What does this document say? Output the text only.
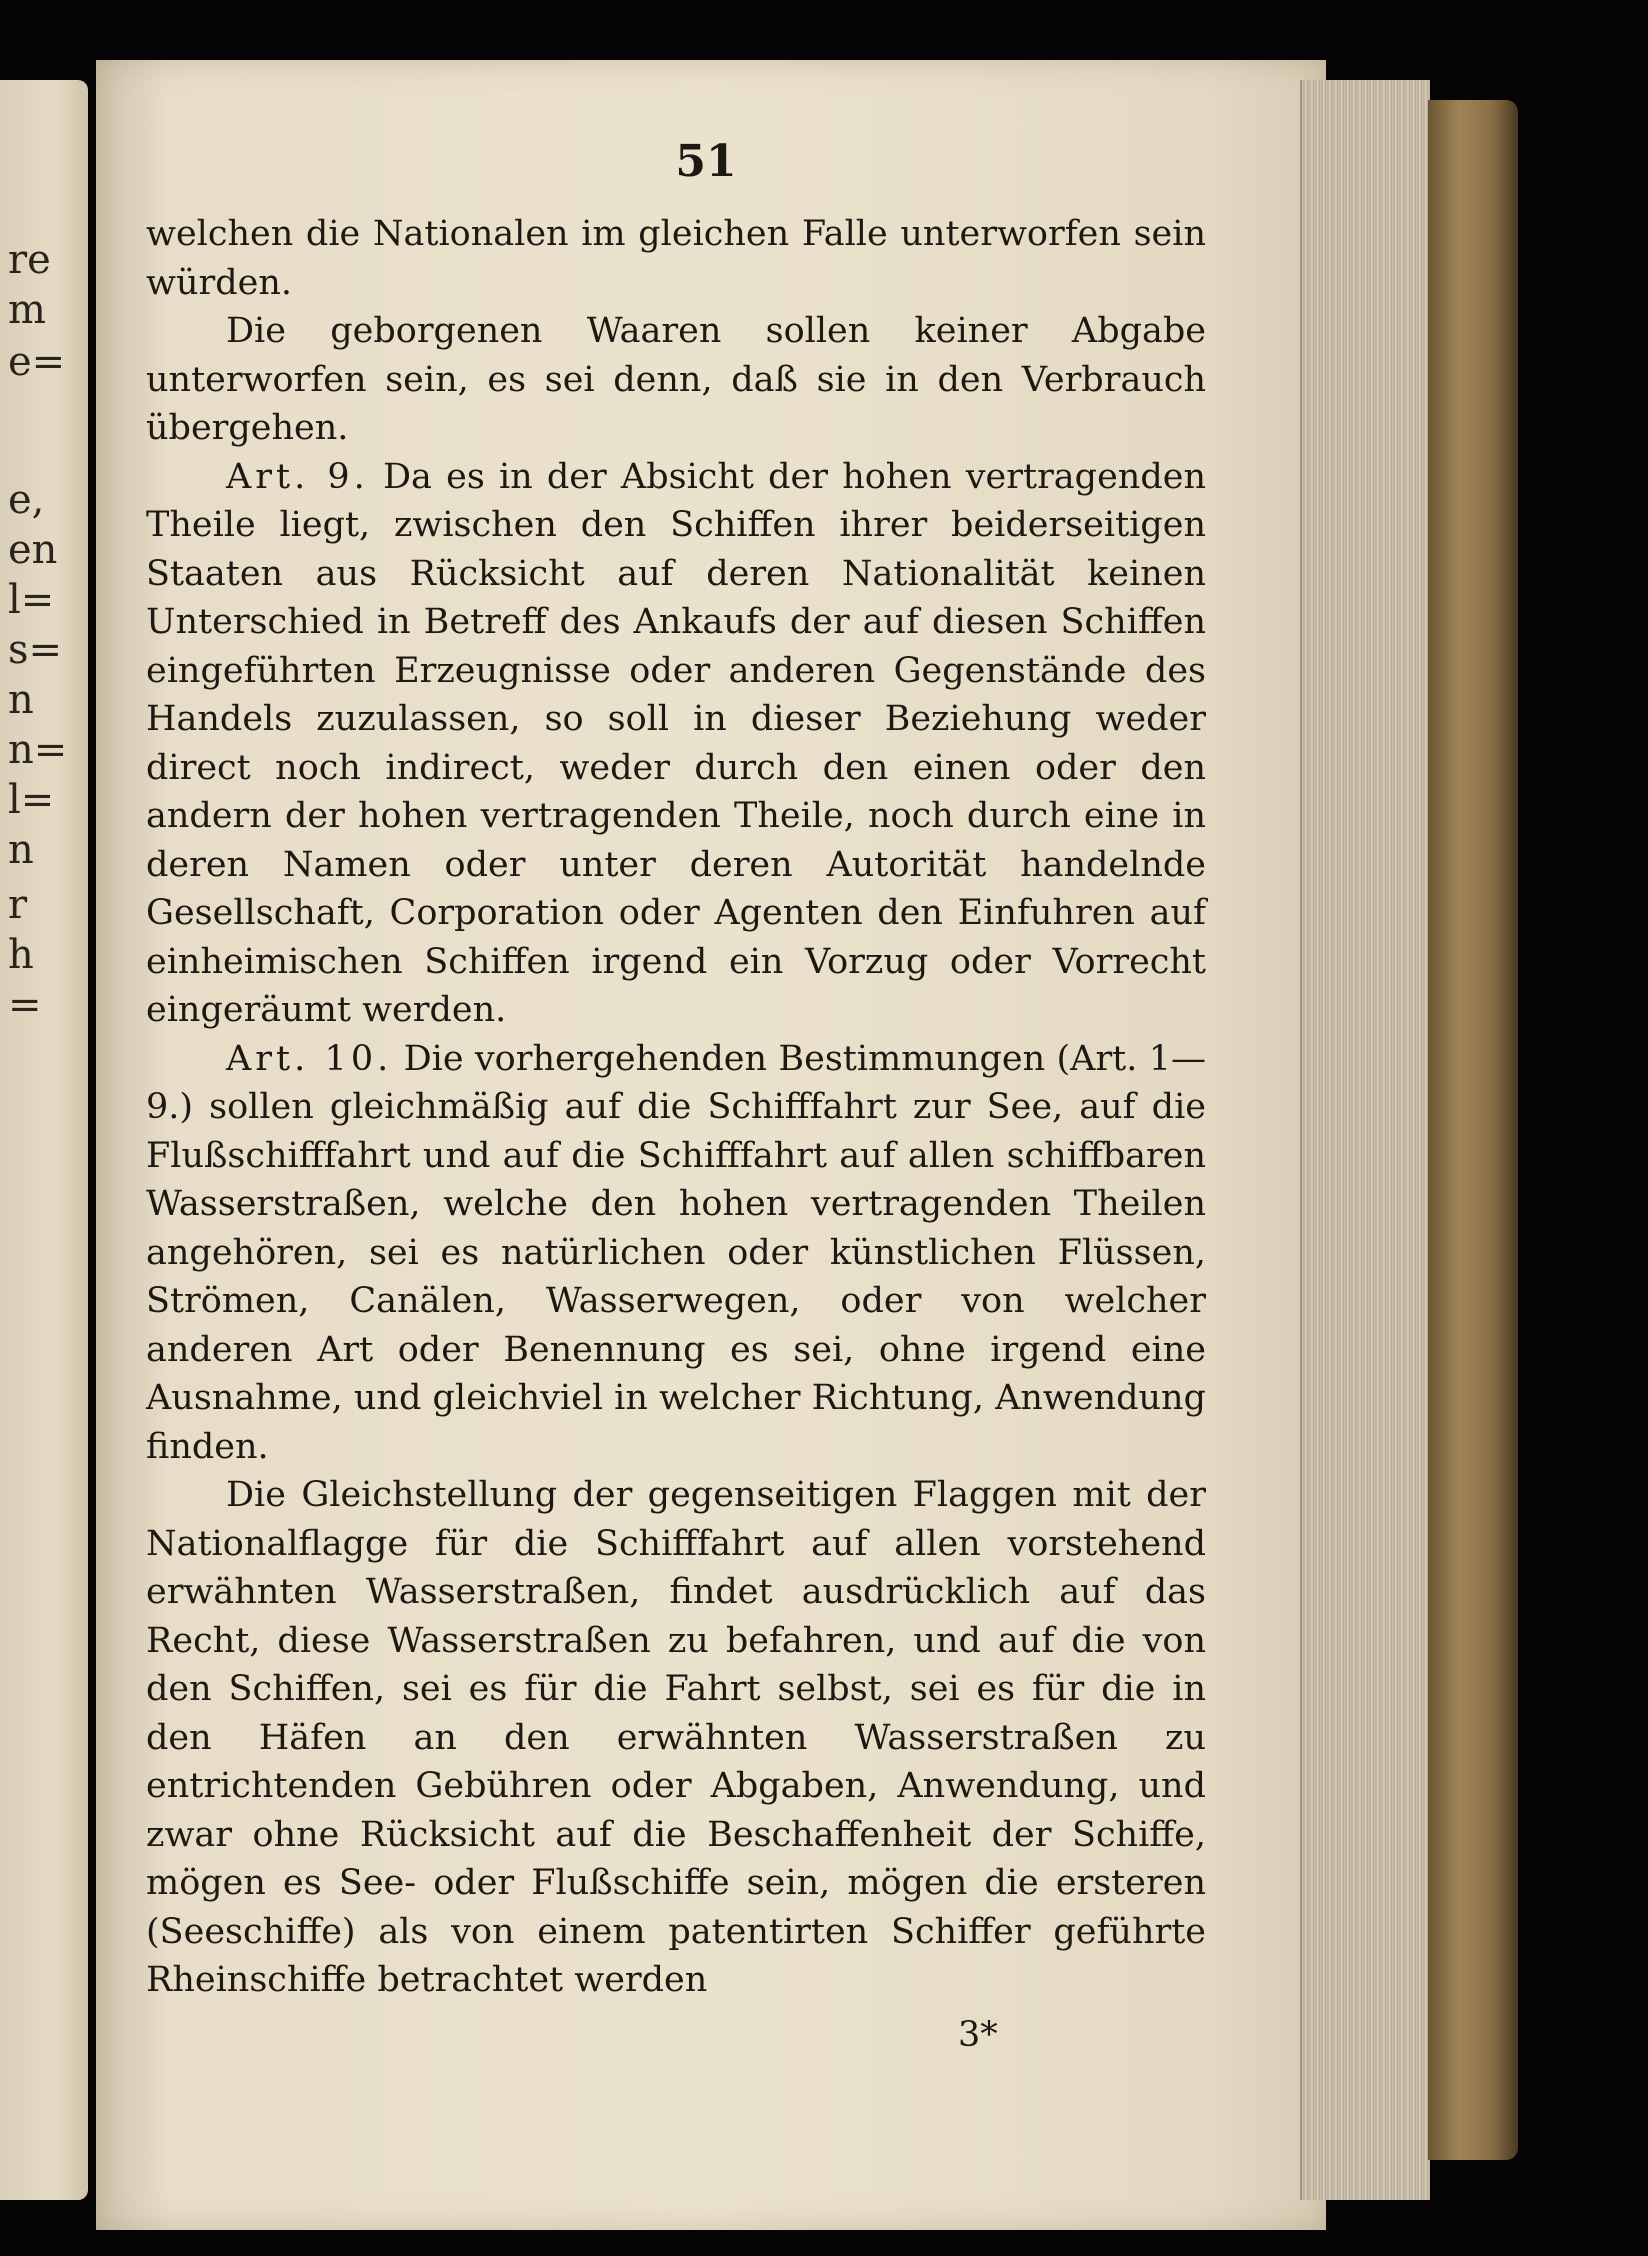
re
m
e=
e,
en
l=
s=
n
n=
l=
n
r
h
=
51

welchen die Nationalen im gleichen Falle unterworfen sein würden.

Die geborgenen Waaren sollen keiner Abgabe unterworfen sein, es sei denn, daß sie in den Verbrauch übergehen.

Art. 9. Da es in der Absicht der hohen vertragenden Theile liegt, zwischen den Schiffen ihrer beiderseitigen Staaten aus Rücksicht auf deren Nationalität keinen Unterschied in Betreff des Ankaufs der auf diesen Schiffen eingeführten Erzeugnisse oder anderen Gegenstände des Handels zuzulassen, so soll in dieser Beziehung weder direct noch indirect, weder durch den einen oder den andern der hohen vertragenden Theile, noch durch eine in deren Namen oder unter deren Autorität handelnde Gesellschaft, Corporation oder Agenten den Einfuhren auf einheimischen Schiffen irgend ein Vorzug oder Vorrecht eingeräumt werden.

Art. 10. Die vorhergehenden Bestimmungen (Art. 1—9.) sollen gleichmäßig auf die Schifffahrt zur See, auf die Flußschifffahrt und auf die Schifffahrt auf allen schiffbaren Wasserstraßen, welche den hohen vertragenden Theilen angehören, sei es natürlichen oder künstlichen Flüssen, Strömen, Canälen, Wasserwegen, oder von welcher anderen Art oder Benennung es sei, ohne irgend eine Ausnahme, und gleichviel in welcher Richtung, Anwendung finden.

Die Gleichstellung der gegenseitigen Flaggen mit der Nationalflagge für die Schifffahrt auf allen vorstehend erwähnten Wasserstraßen, findet ausdrücklich auf das Recht, diese Wasserstraßen zu befahren, und auf die von den Schiffen, sei es für die Fahrt selbst, sei es für die in den Häfen an den erwähnten Wasserstraßen zu entrichtenden Gebühren oder Abgaben, Anwendung, und zwar ohne Rücksicht auf die Beschaffenheit der Schiffe, mögen es See- oder Flußschiffe sein, mögen die ersteren (Seeschiffe) als von einem patentirten Schiffer geführte Rheinschiffe betrachtet werden

3*
